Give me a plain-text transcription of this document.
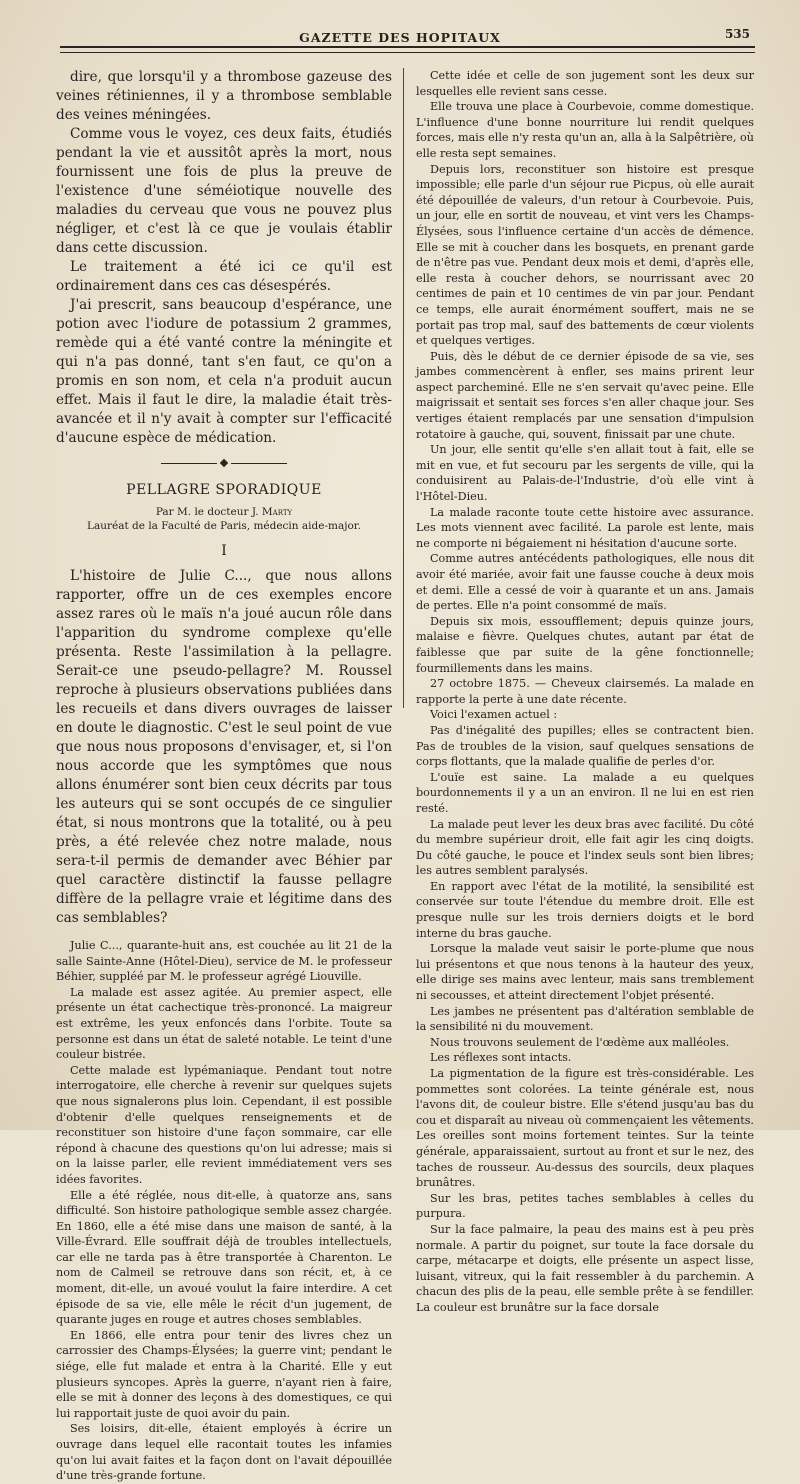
GAZETTE DES HOPITAUX	535

dire, que lorsqu'il y a thrombose gazeuse des veines rétiniennes, il y a thrombose semblable des veines méningées.

Comme vous le voyez, ces deux faits, étudiés pendant la vie et aussitôt après la mort, nous fournissent une fois de plus la preuve de l'existence d'une séméiotique nouvelle des maladies du cerveau que vous ne pouvez plus négliger, et c'est là ce que je voulais établir dans cette discussion.

Le traitement a été ici ce qu'il est ordinairement dans ces cas désespérés.

J'ai prescrit, sans beaucoup d'espérance, une potion avec l'iodure de potassium 2 grammes, remède qui a été vanté contre la méningite et qui n'a pas donné, tant s'en faut, ce qu'on a promis en son nom, et cela n'a produit aucun effet. Mais il faut le dire, la maladie était très-avancée et il n'y avait à compter sur l'efficacité d'aucune espèce de médication.

PELLAGRE SPORADIQUE

Par M. le docteur J. Marty

Lauréat de la Faculté de Paris, médecin aide-major.

I

L'histoire de Julie C..., que nous allons rapporter, offre un de ces exemples encore assez rares où le maïs n'a joué aucun rôle dans l'apparition du syndrome complexe qu'elle présenta. Reste l'assimilation à la pellagre. Serait-ce une pseudo-pellagre? M. Roussel reproche à plusieurs observations publiées dans les recueils et dans divers ouvrages de laisser en doute le diagnostic. C'est le seul point de vue que nous nous proposons d'envisager, et, si l'on nous accorde que les symptômes que nous allons énumérer sont bien ceux décrits par tous les auteurs qui se sont occupés de ce singulier état, si nous montrons que la totalité, ou à peu près, a été relevée chez notre malade, nous sera-t-il permis de demander avec Béhier par quel caractère distinctif la fausse pellagre diffère de la pellagre vraie et légitime dans des cas semblables?

Julie C..., quarante-huit ans, est couchée au lit 21 de la salle Sainte-Anne (Hôtel-Dieu), service de M. le professeur Béhier, suppléé par M. le professeur agrégé Liouville.

La malade est assez agitée. Au premier aspect, elle présente un état cachectique très-prononcé. La maigreur est extrême, les yeux enfoncés dans l'orbite. Toute sa personne est dans un état de saleté notable. Le teint d'une couleur bistrée.

Cette malade est lypémaniaque. Pendant tout notre interrogatoire, elle cherche à revenir sur quelques sujets que nous signalerons plus loin. Cependant, il est possible d'obtenir d'elle quelques renseignements et de reconstituer son histoire d'une façon sommaire, car elle répond à chacune des questions qu'on lui adresse; mais si on la laisse parler, elle revient immédiatement vers ses idées favorites.

Elle a été réglée, nous dit-elle, à quatorze ans, sans difficulté. Son histoire pathologique semble assez chargée. En 1860, elle a été mise dans une maison de santé, à la Ville-Évrard. Elle souffrait déjà de troubles intellectuels, car elle ne tarda pas à être transportée à Charenton. Le nom de Calmeil se retrouve dans son récit, et, à ce moment, dit-elle, un avoué voulut la faire interdire. A cet épisode de sa vie, elle mêle le récit d'un jugement, de quarante juges en rouge et autres choses semblables.

En 1866, elle entra pour tenir des livres chez un carrossier des Champs-Élysées; la guerre vint; pendant le siége, elle fut malade et entra à la Charité. Elle y eut plusieurs syncopes. Après la guerre, n'ayant rien à faire, elle se mit à donner des leçons à des domestiques, ce qui lui rapportait juste de quoi avoir du pain.

Ses loisirs, dit-elle, étaient employés à écrire un ouvrage dans lequel elle racontait toutes les infamies qu'on lui avait faites et la façon dont on l'avait dépouillée d'une très-grande fortune.

Cette idée et celle de son jugement sont les deux sur lesquelles elle revient sans cesse.

Elle trouva une place à Courbevoie, comme domestique. L'influence d'une bonne nourriture lui rendit quelques forces, mais elle n'y resta qu'un an, alla à la Salpêtrière, où elle resta sept semaines.

Depuis lors, reconstituer son histoire est presque impossible; elle parle d'un séjour rue Picpus, où elle aurait été dépouillée de valeurs, d'un retour à Courbevoie. Puis, un jour, elle en sortit de nouveau, et vint vers les Champs-Élysées, sous l'influence certaine d'un accès de démence. Elle se mit à coucher dans les bosquets, en prenant garde de n'être pas vue. Pendant deux mois et demi, d'après elle, elle resta à coucher dehors, se nourrissant avec 20 centimes de pain et 10 centimes de vin par jour. Pendant ce temps, elle aurait énormément souffert, mais ne se portait pas trop mal, sauf des battements de cœur violents et quelques vertiges.

Puis, dès le début de ce dernier épisode de sa vie, ses jambes commencèrent à enfler, ses mains prirent leur aspect parcheminé. Elle ne s'en servait qu'avec peine. Elle maigrissait et sentait ses forces s'en aller chaque jour. Ses vertiges étaient remplacés par une sensation d'impulsion rotatoire à gauche, qui, souvent, finissait par une chute.

Un jour, elle sentit qu'elle s'en allait tout à fait, elle se mit en vue, et fut secouru par les sergents de ville, qui la conduisirent au Palais-de-l'Industrie, d'où elle vint à l'Hôtel-Dieu.

La malade raconte toute cette histoire avec assurance. Les mots viennent avec facilité. La parole est lente, mais ne comporte ni bégaiement ni hésitation d'aucune sorte.

Comme autres antécédents pathologiques, elle nous dit avoir été mariée, avoir fait une fausse couche à deux mois et demi. Elle a cessé de voir à quarante et un ans. Jamais de pertes. Elle n'a point consommé de maïs.

Depuis six mois, essoufflement; depuis quinze jours, malaise e fièvre. Quelques chutes, autant par état de faiblesse que par suite de la gêne fonctionnelle; fourmillements dans les mains.

27 octobre 1875. — Cheveux clairsemés. La malade en rapporte la perte à une date récente.

Voici l'examen actuel :

Pas d'inégalité des pupilles; elles se contractent bien. Pas de troubles de la vision, sauf quelques sensations de corps flottants, que la malade qualifie de perles d'or.

L'ouïe est saine. La malade a eu quelques bourdonnements il y a un an environ. Il ne lui en est rien resté.

La malade peut lever les deux bras avec facilité. Du côté du membre supérieur droit, elle fait agir les cinq doigts. Du côté gauche, le pouce et l'index seuls sont bien libres; les autres semblent paralysés.

En rapport avec l'état de la motilité, la sensibilité est conservée sur toute l'étendue du membre droit. Elle est presque nulle sur les trois derniers doigts et le bord interne du bras gauche.

Lorsque la malade veut saisir le porte-plume que nous lui présentons et que nous tenons à la hauteur des yeux, elle dirige ses mains avec lenteur, mais sans tremblement ni secousses, et atteint directement l'objet présenté.

Les jambes ne présentent pas d'altération semblable de la sensibilité ni du mouvement.

Nous trouvons seulement de l'œdème aux malléoles.

Les réflexes sont intacts.

La pigmentation de la figure est très-considérable. Les pommettes sont colorées. La teinte générale est, nous l'avons dit, de couleur bistre. Elle s'étend jusqu'au bas du cou et disparaît au niveau où commençaient les vêtements. Les oreilles sont moins fortement teintes. Sur la teinte générale, apparaissaient, surtout au front et sur le nez, des taches de rousseur. Au-dessus des sourcils, deux plaques brunâtres.

Sur les bras, petites taches semblables à celles du purpura.

Sur la face palmaire, la peau des mains est à peu près normale. A partir du poignet, sur toute la face dorsale du carpe, métacarpe et doigts, elle présente un aspect lisse, luisant, vitreux, qui la fait ressembler à du parchemin. A chacun des plis de la peau, elle semble prête à se fendiller. La couleur est brunâtre sur la face dorsale
